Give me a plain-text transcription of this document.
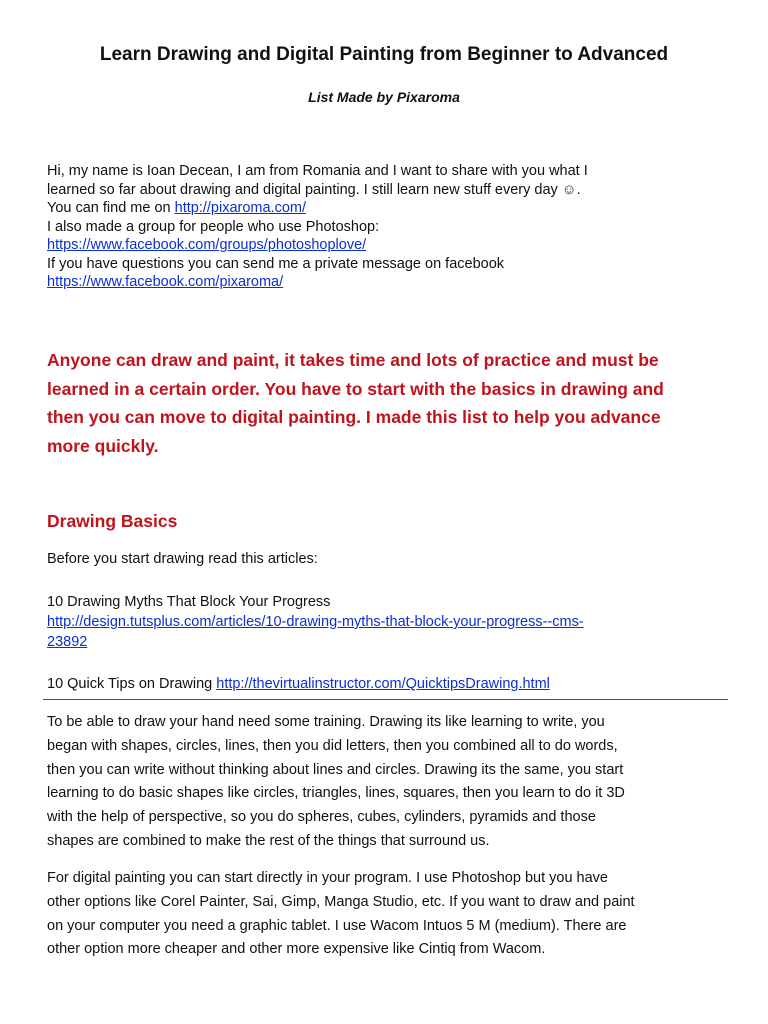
Learn Drawing and Digital Painting from Beginner to Advanced
List Made by Pixaroma
Hi, my name is Ioan Decean, I am from Romania and I want to share with you what I
learned so far about drawing and digital painting. I still learn new stuff every day ☺.
You can find me on http://pixaroma.com/
I also made a group for people who use Photoshop:
https://www.facebook.com/groups/photoshoplove/
If you have questions you can send me a private message on facebook
https://www.facebook.com/pixaroma/
Anyone can draw and paint, it takes time and lots of practice and must be
learned in a certain order. You have to start with the basics in drawing and
then you can move to digital painting. I made this list to help you advance
more quickly.
Drawing Basics
Before you start drawing read this articles:
10 Drawing Myths That Block Your Progress
http://design.tutsplus.com/articles/10-drawing-myths-that-block-your-progress--cms-
23892
10 Quick Tips on Drawing http://thevirtualinstructor.com/QuicktipsDrawing.html
To be able to draw your hand need some training. Drawing its like learning to write, you
began with shapes, circles, lines, then you did letters, then you combined all to do words,
then you can write without thinking about lines and circles. Drawing its the same, you start
learning to do basic shapes like circles, triangles, lines, squares, then you learn to do it 3D
with the help of perspective, so you do spheres, cubes, cylinders, pyramids and those
shapes are combined to make the rest of the things that surround us.
For digital painting you can start directly in your program. I use Photoshop but you have
other options like Corel Painter, Sai, Gimp, Manga Studio, etc. If you want to draw and paint
on your computer you need a graphic tablet. I use Wacom Intuos 5 M (medium). There are
other option more cheaper and other more expensive like Cintiq from Wacom.
